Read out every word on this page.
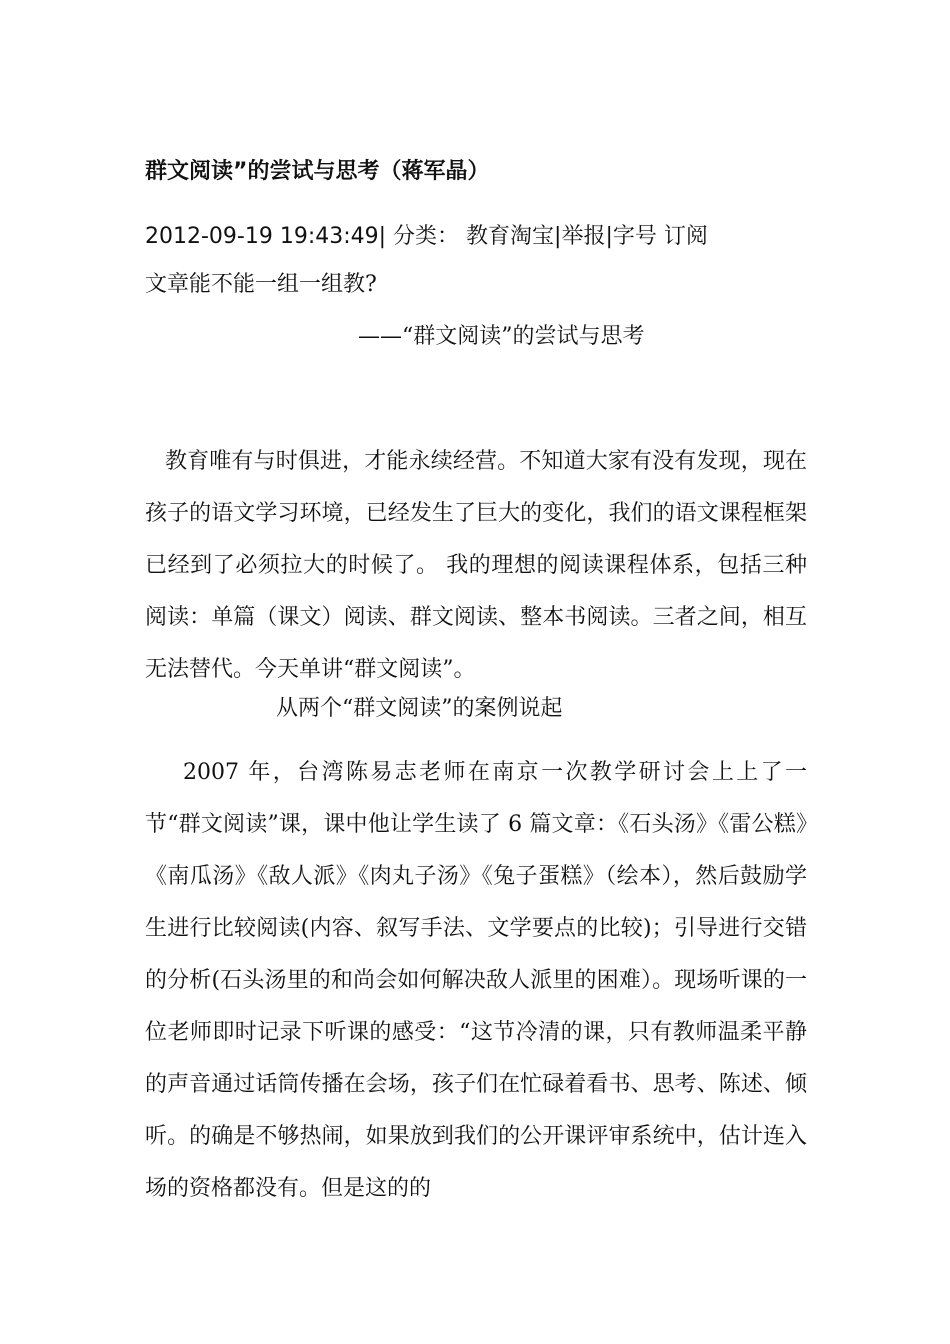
群文阅读”的尝试与思考（蒋军晶）
2012-09-19 19:43:49| 分类： 教育淘宝|举报|字号 订阅
文章能不能一组一组教?
——“群文阅读”的尝试与思考
教育唯有与时俱进，才能永续经营。不知道大家有没有发现，现在孩子的语文学习环境，已经发生了巨大的变化，我们的语文课程框架已经到了必须拉大的时候了。 我的理想的阅读课程体系，包括三种阅读：单篇（课文）阅读、群文阅读、整本书阅读。三者之间，相互无法替代。今天单讲“群文阅读”。
从两个“群文阅读”的案例说起
2007 年，台湾陈易志老师在南京一次教学研讨会上上了一节“群文阅读”课，课中他让学生读了 6 篇文章：《石头汤》《雷公糕》《南瓜汤》《敌人派》《肉丸子汤》《兔子蛋糕》（绘本），然后鼓励学生进行比较阅读(内容、叙写手法、文学要点的比较)；引导进行交错的分析(石头汤里的和尚会如何解决敌人派里的困难）。现场听课的一位老师即时记录下听课的感受：“这节冷清的课，只有教师温柔平静的声音通过话筒传播在会场，孩子们在忙碌着看书、思考、陈述、倾听。的确是不够热闹，如果放到我们的公开课评审系统中，估计连入场的资格都没有。但是这的的
